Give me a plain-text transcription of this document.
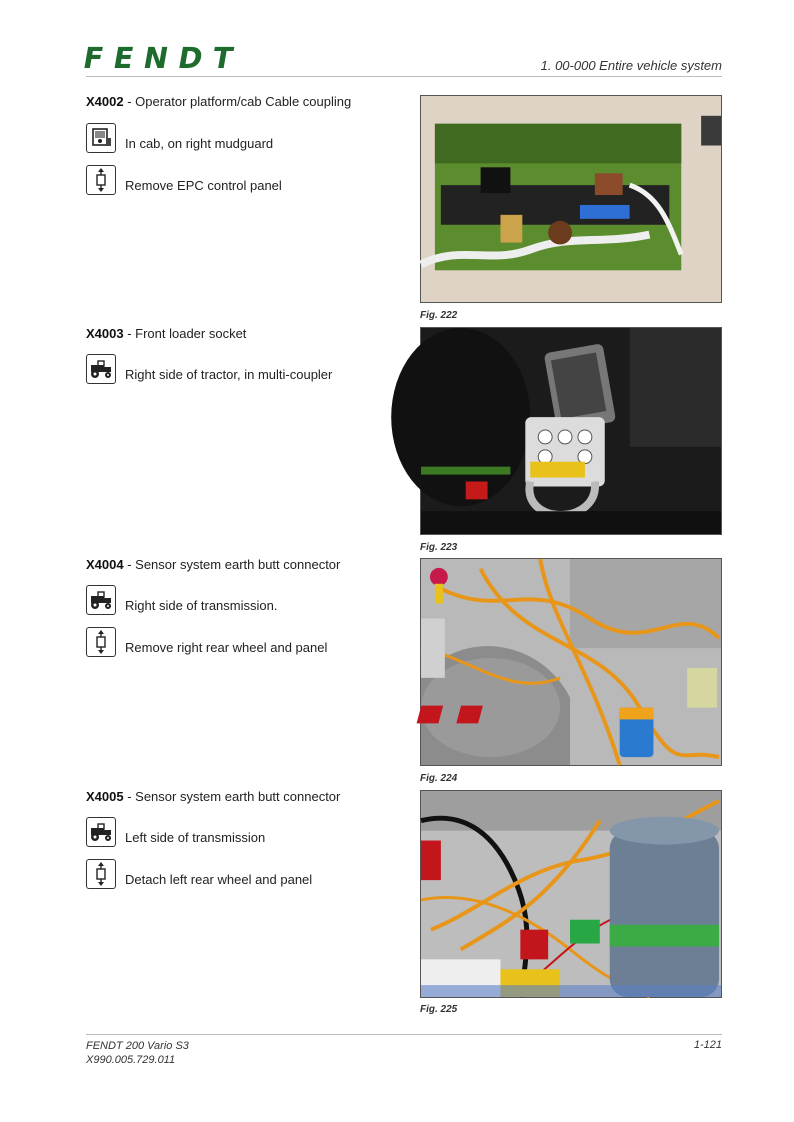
FENDT	1. 00-000 Entire vehicle system
X4002 - Operator platform/cab Cable coupling
In cab, on right mudguard
Remove EPC control panel
Fig. 222
X4003 - Front loader socket
Right side of tractor, in multi-coupler
Fig. 223
X4004 - Sensor system earth butt connector
Right side of transmission.
Remove right rear wheel and panel
Fig. 224
X4005 - Sensor system earth butt connector
Left side of transmission
Detach left rear wheel and panel
Fig. 225
FENDT 200 Vario S3
X990.005.729.011
1-121
